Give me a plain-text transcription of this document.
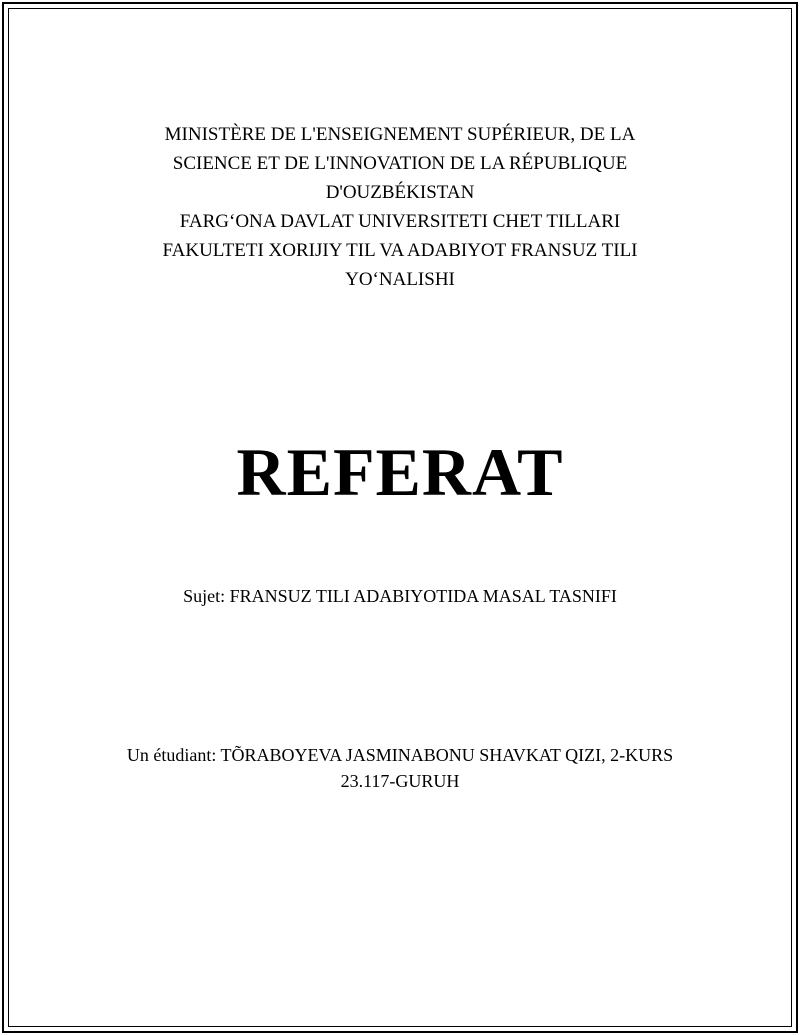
MINISTÈRE DE L'ENSEIGNEMENT SUPÉRIEUR, DE LA
SCIENCE ET DE L'INNOVATION DE LA RÉPUBLIQUE
D'OUZBÉKISTAN
FARG‘ONA DAVLAT UNIVERSITETI CHET TILLARI
FAKULTETI XORIJIY TIL VA ADABIYOT FRANSUZ TILI
YO‘NALISHI
REFERAT
Sujet: FRANSUZ TILI ADABIYOTIDA MASAL TASNIFI
Un étudiant: TÕRABOYEVA JASMINABONU SHAVKAT QIZI, 2-KURS
23.117-GURUH
